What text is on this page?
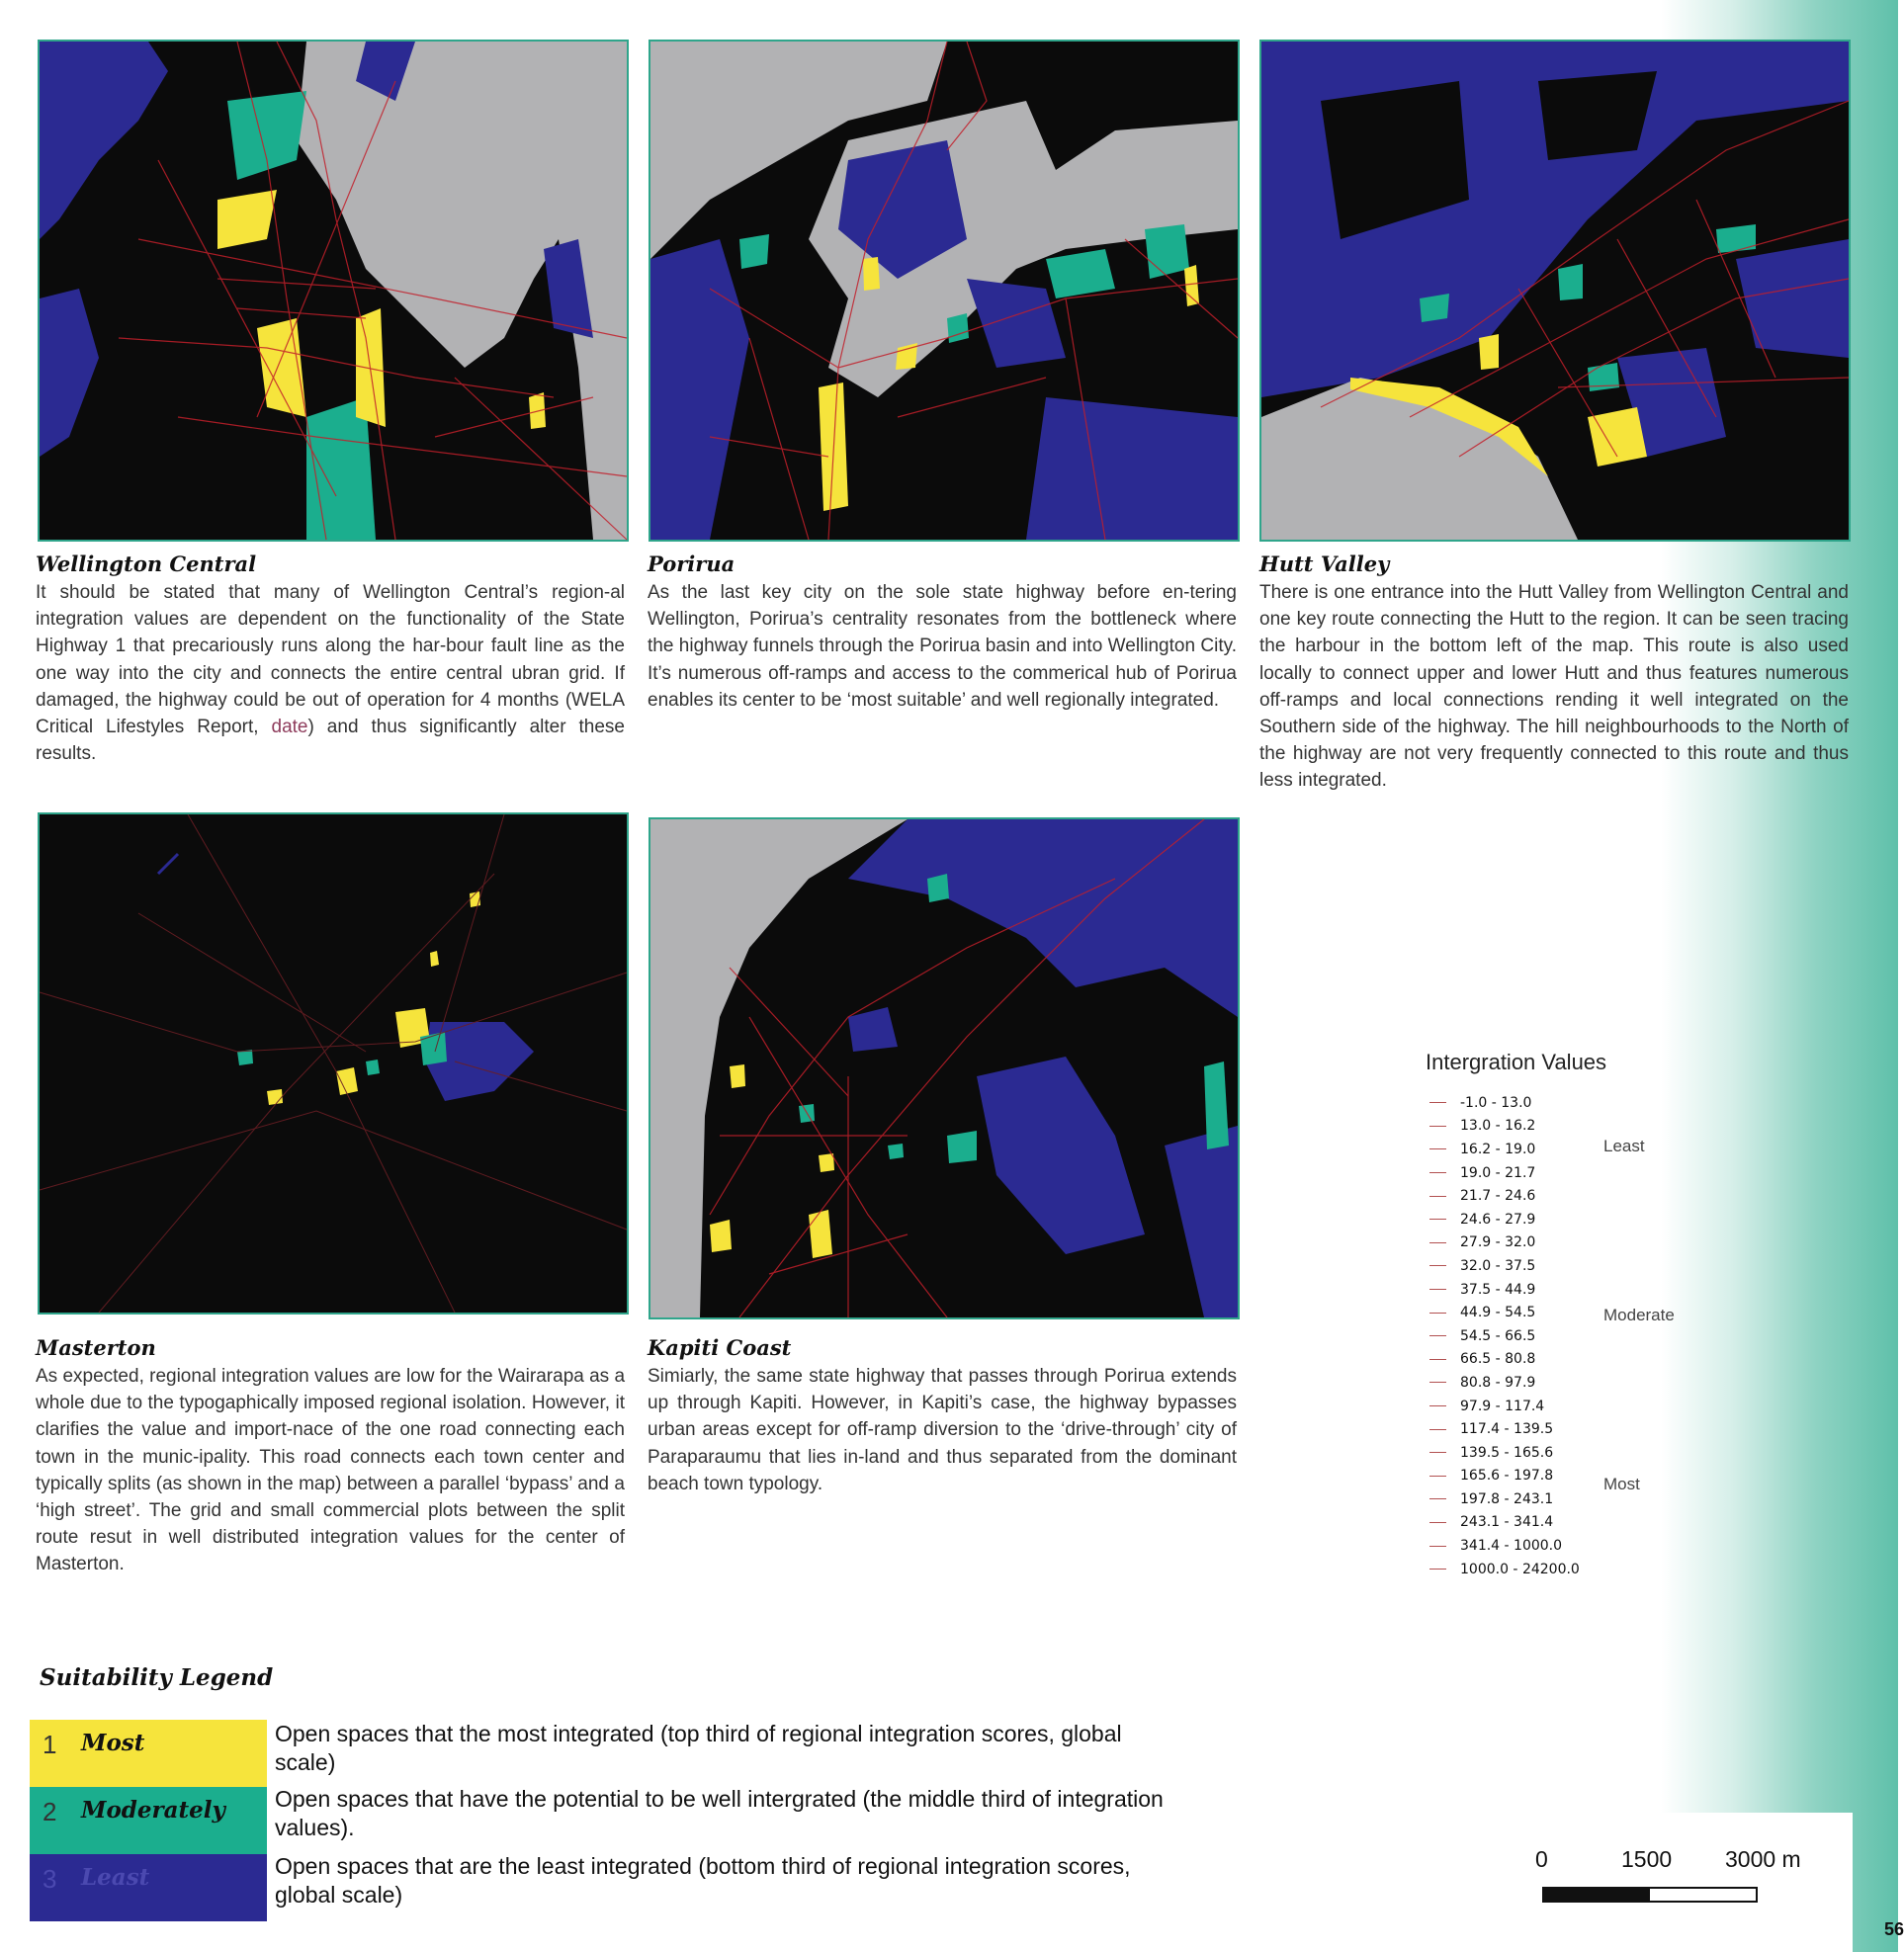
Wellington Central
It should be stated that many of Wellington Central’s region-al integration values are dependent on the functionality of the State Highway 1 that precariously runs along the har-bour fault line as the one way into the city and connects the entire central ubran grid. If damaged, the highway could be out of operation for 4 months (WELA Critical Lifestyles Report, date) and thus significantly alter these results.
Porirua
As the last key city on the sole state highway before en-tering Wellington, Porirua’s centrality resonates from the bottleneck where the highway funnels through the Porirua basin and into Wellington City. It’s numerous off-ramps and access to the commerical hub of Porirua enables its center to be ‘most suitable’ and well regionally integrated.
Hutt Valley
There is one entrance into the Hutt Valley from Wellington Central and one key route connecting the Hutt to the region. It can be seen tracing the harbour in the bottom left of the map. This route is also used locally to connect upper and lower Hutt and thus features numerous off-ramps and local connections rending it well integrated on the Southern side of the highway. The hill neighbourhoods to the North of the highway are not very frequently connected to this route and thus less integrated.
Masterton
As expected, regional integration values are low for the Wairarapa as a whole due to the typogaphically imposed regional isolation. However, it clarifies the value and import-nace of the one road connecting each town in the munic-ipality. This road connects each town center and typically splits (as shown in the map) between a parallel ‘bypass’ and a ‘high street’. The grid and small commercial plots between the split route resut in well distributed integration values for the center of Masterton.
Kapiti Coast
Simiarly, the same state highway that passes through Porirua extends up through Kapiti. However, in Kapiti’s case, the highway bypasses urban areas except for off-ramp diversion to the ‘drive-through’ city of Paraparaumu that lies in-land and thus separated from the dominant beach town typology.
Intergration Values
-1.0 - 13.0
13.0 - 16.2
16.2 - 19.0
19.0 - 21.7
21.7 - 24.6
24.6 - 27.9
27.9 - 32.0
32.0 - 37.5
37.5 - 44.9
44.9 - 54.5
54.5 - 66.5
66.5 - 80.8
80.8 - 97.9
97.9 - 117.4
117.4 - 139.5
139.5 - 165.6
165.6 - 197.8
197.8 - 243.1
243.1 - 341.4
341.4 - 1000.0
1000.0 - 24200.0
Least
Moderate
Most
Suitability Legend
1 Most	Open spaces that the most integrated (top third of regional integration scores, global scale)
2 Moderately Open spaces that have the potential to be well intergrated (the middle third of integration values).
3 Least	Open spaces that are the least integrated (bottom third of regional integration scores, global scale)
0	1500 3000 m
56
